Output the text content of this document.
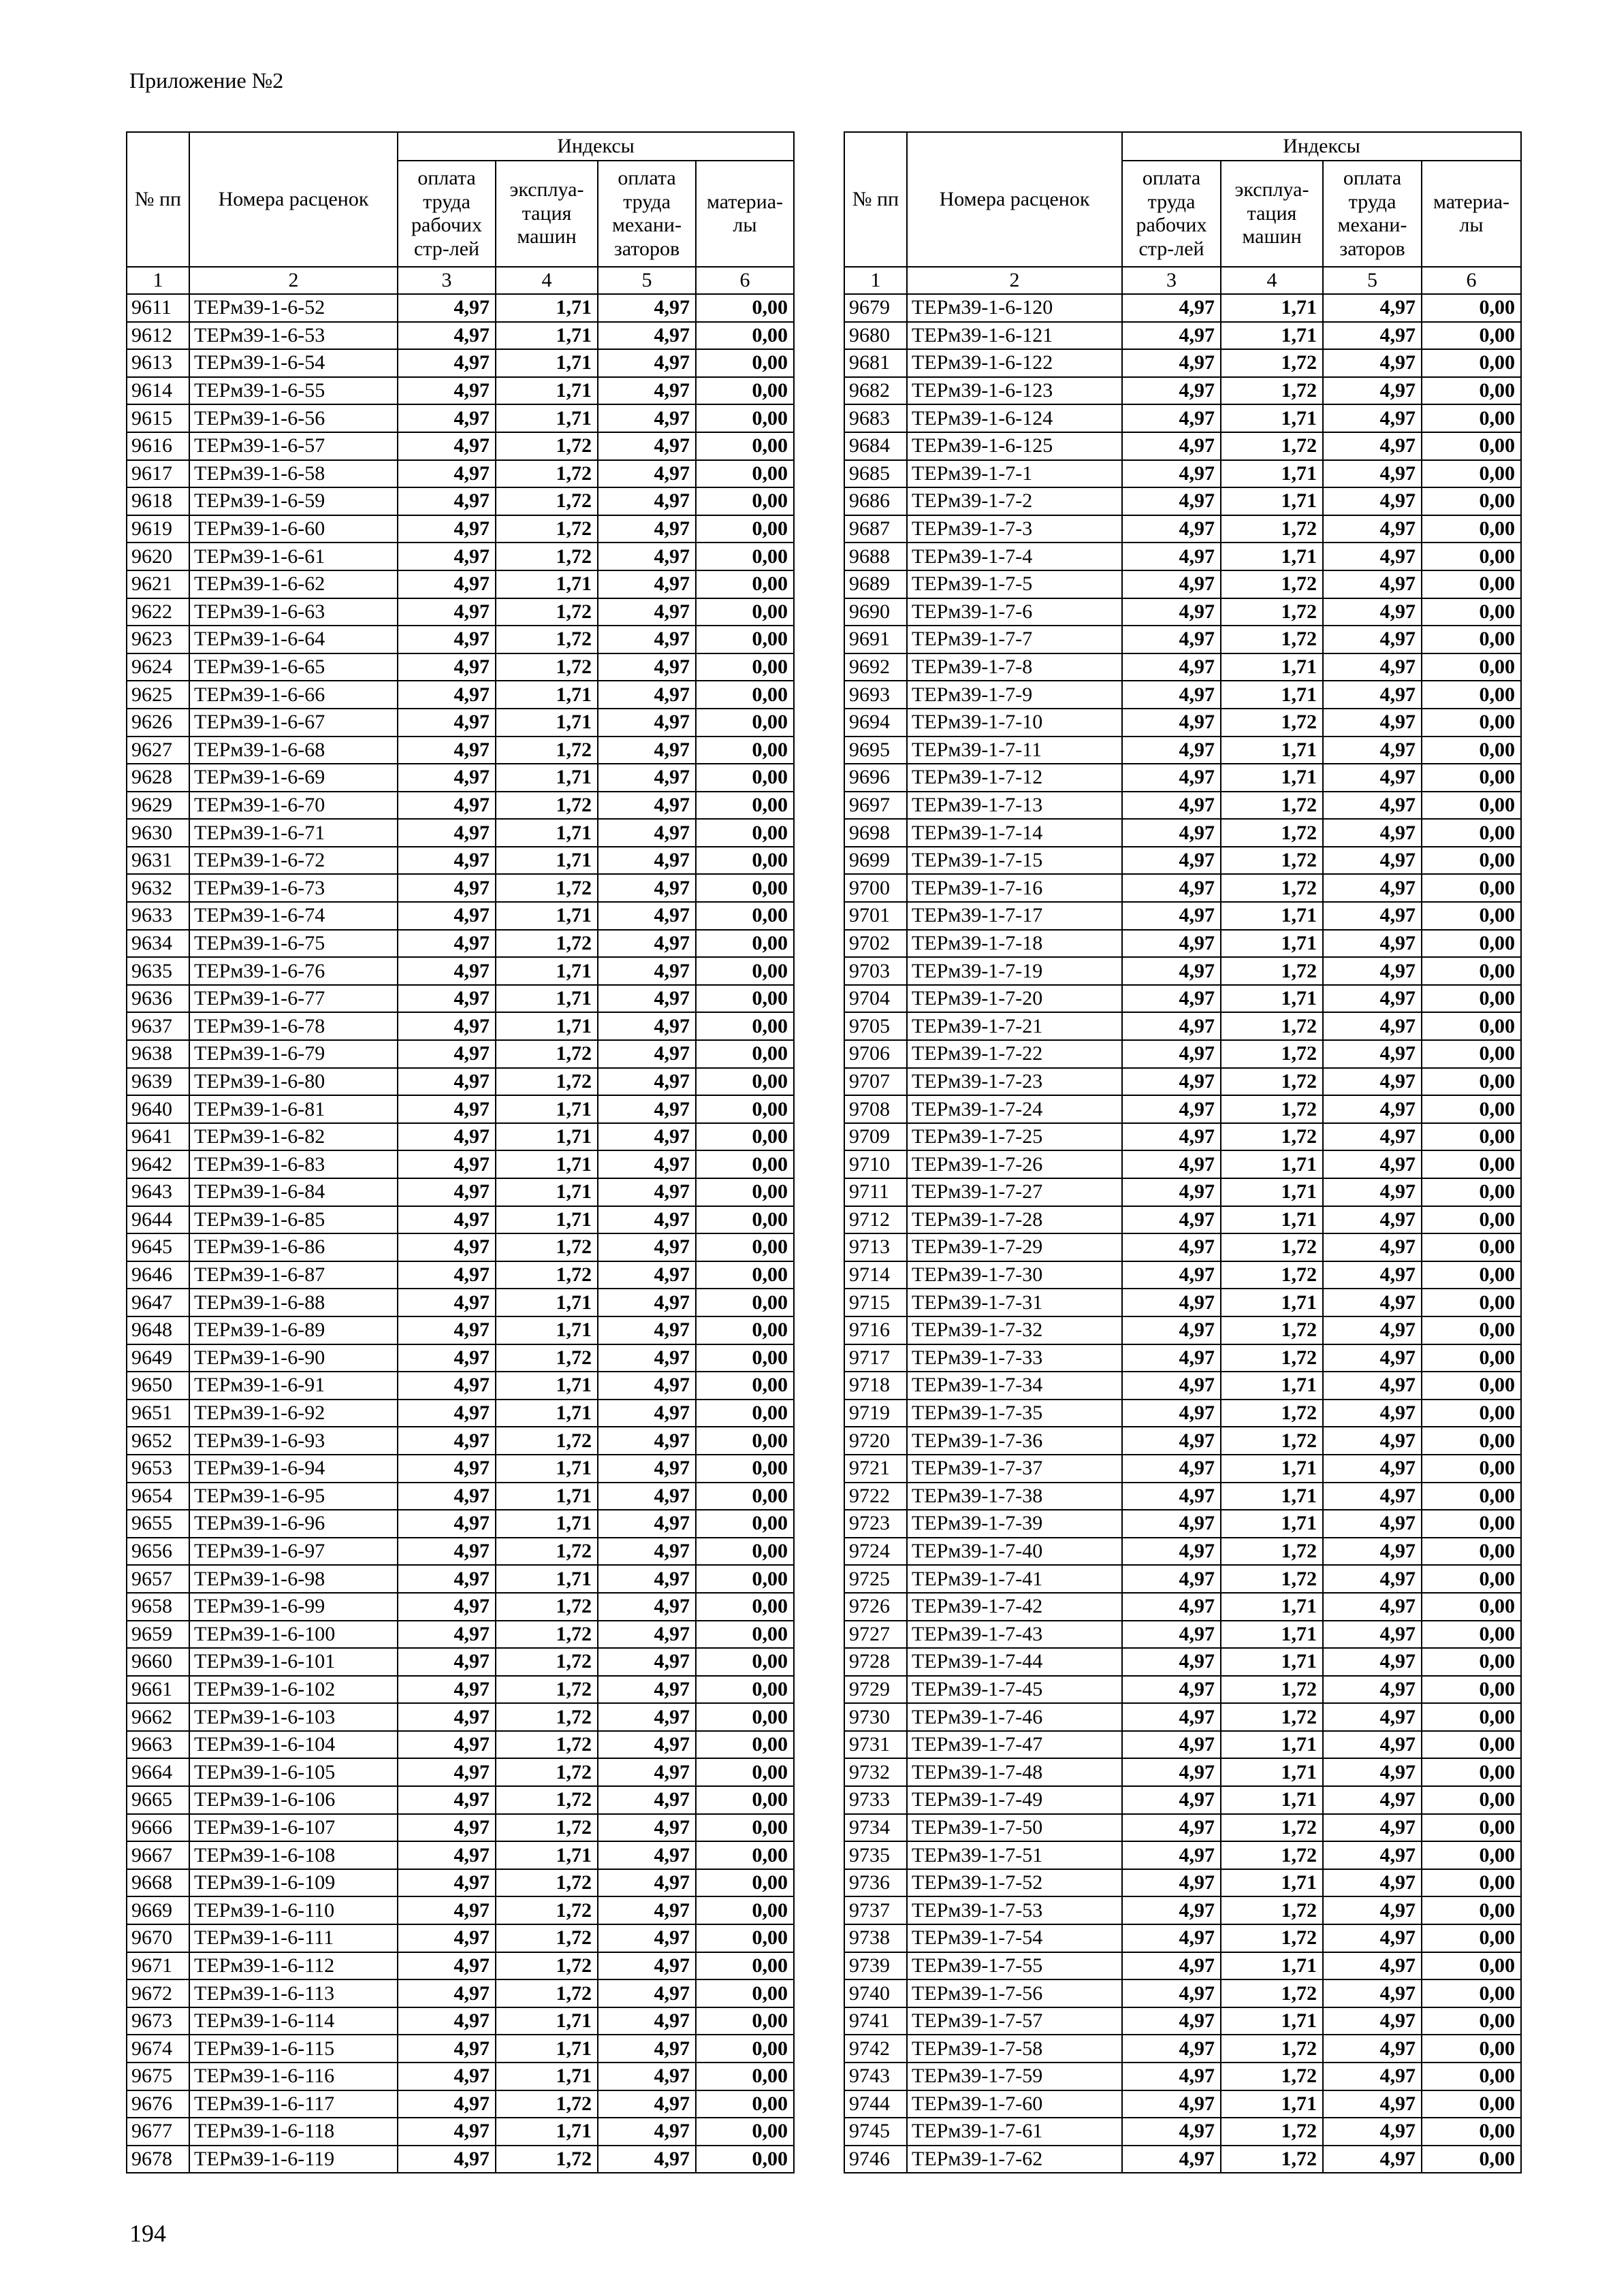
Приложение №2
№ пп	Номера расценок	Индексы			
		оплата труда рабочих стр-лей	эксплуа-тация машин	оплата труда механи-заторов	материа-лы
1	2	3	4	5	6
9611	ТЕРм39-1-6-52	4,97	1,71	4,97	0,00
9612	ТЕРм39-1-6-53	4,97	1,71	4,97	0,00
9613	ТЕРм39-1-6-54	4,97	1,71	4,97	0,00
9614	ТЕРм39-1-6-55	4,97	1,71	4,97	0,00
9615	ТЕРм39-1-6-56	4,97	1,71	4,97	0,00
9616	ТЕРм39-1-6-57	4,97	1,72	4,97	0,00
9617	ТЕРм39-1-6-58	4,97	1,72	4,97	0,00
9618	ТЕРм39-1-6-59	4,97	1,72	4,97	0,00
9619	ТЕРм39-1-6-60	4,97	1,72	4,97	0,00
9620	ТЕРм39-1-6-61	4,97	1,72	4,97	0,00
9621	ТЕРм39-1-6-62	4,97	1,71	4,97	0,00
9622	ТЕРм39-1-6-63	4,97	1,72	4,97	0,00
9623	ТЕРм39-1-6-64	4,97	1,72	4,97	0,00
9624	ТЕРм39-1-6-65	4,97	1,72	4,97	0,00
9625	ТЕРм39-1-6-66	4,97	1,71	4,97	0,00
9626	ТЕРм39-1-6-67	4,97	1,71	4,97	0,00
9627	ТЕРм39-1-6-68	4,97	1,72	4,97	0,00
9628	ТЕРм39-1-6-69	4,97	1,71	4,97	0,00
9629	ТЕРм39-1-6-70	4,97	1,72	4,97	0,00
9630	ТЕРм39-1-6-71	4,97	1,71	4,97	0,00
9631	ТЕРм39-1-6-72	4,97	1,71	4,97	0,00
9632	ТЕРм39-1-6-73	4,97	1,72	4,97	0,00
9633	ТЕРм39-1-6-74	4,97	1,71	4,97	0,00
9634	ТЕРм39-1-6-75	4,97	1,72	4,97	0,00
9635	ТЕРм39-1-6-76	4,97	1,71	4,97	0,00
9636	ТЕРм39-1-6-77	4,97	1,71	4,97	0,00
9637	ТЕРм39-1-6-78	4,97	1,71	4,97	0,00
9638	ТЕРм39-1-6-79	4,97	1,72	4,97	0,00
9639	ТЕРм39-1-6-80	4,97	1,72	4,97	0,00
9640	ТЕРм39-1-6-81	4,97	1,71	4,97	0,00
9641	ТЕРм39-1-6-82	4,97	1,71	4,97	0,00
9642	ТЕРм39-1-6-83	4,97	1,71	4,97	0,00
9643	ТЕРм39-1-6-84	4,97	1,71	4,97	0,00
9644	ТЕРм39-1-6-85	4,97	1,71	4,97	0,00
9645	ТЕРм39-1-6-86	4,97	1,72	4,97	0,00
9646	ТЕРм39-1-6-87	4,97	1,72	4,97	0,00
9647	ТЕРм39-1-6-88	4,97	1,71	4,97	0,00
9648	ТЕРм39-1-6-89	4,97	1,71	4,97	0,00
9649	ТЕРм39-1-6-90	4,97	1,72	4,97	0,00
9650	ТЕРм39-1-6-91	4,97	1,71	4,97	0,00
9651	ТЕРм39-1-6-92	4,97	1,71	4,97	0,00
9652	ТЕРм39-1-6-93	4,97	1,72	4,97	0,00
9653	ТЕРм39-1-6-94	4,97	1,71	4,97	0,00
9654	ТЕРм39-1-6-95	4,97	1,71	4,97	0,00
9655	ТЕРм39-1-6-96	4,97	1,71	4,97	0,00
9656	ТЕРм39-1-6-97	4,97	1,72	4,97	0,00
9657	ТЕРм39-1-6-98	4,97	1,71	4,97	0,00
9658	ТЕРм39-1-6-99	4,97	1,72	4,97	0,00
9659	ТЕРм39-1-6-100	4,97	1,72	4,97	0,00
9660	ТЕРм39-1-6-101	4,97	1,72	4,97	0,00
9661	ТЕРм39-1-6-102	4,97	1,72	4,97	0,00
9662	ТЕРм39-1-6-103	4,97	1,72	4,97	0,00
9663	ТЕРм39-1-6-104	4,97	1,72	4,97	0,00
9664	ТЕРм39-1-6-105	4,97	1,72	4,97	0,00
9665	ТЕРм39-1-6-106	4,97	1,72	4,97	0,00
9666	ТЕРм39-1-6-107	4,97	1,72	4,97	0,00
9667	ТЕРм39-1-6-108	4,97	1,71	4,97	0,00
9668	ТЕРм39-1-6-109	4,97	1,72	4,97	0,00
9669	ТЕРм39-1-6-110	4,97	1,72	4,97	0,00
9670	ТЕРм39-1-6-111	4,97	1,72	4,97	0,00
9671	ТЕРм39-1-6-112	4,97	1,72	4,97	0,00
9672	ТЕРм39-1-6-113	4,97	1,72	4,97	0,00
9673	ТЕРм39-1-6-114	4,97	1,71	4,97	0,00
9674	ТЕРм39-1-6-115	4,97	1,71	4,97	0,00
9675	ТЕРм39-1-6-116	4,97	1,71	4,97	0,00
9676	ТЕРм39-1-6-117	4,97	1,72	4,97	0,00
9677	ТЕРм39-1-6-118	4,97	1,71	4,97	0,00
9678	ТЕРм39-1-6-119	4,97	1,72	4,97	0,00
№ пп	Номера расценок	Индексы			
		оплата труда рабочих стр-лей	эксплуа-тация машин	оплата труда механи-заторов	материа-лы
1	2	3	4	5	6
9679	ТЕРм39-1-6-120	4,97	1,71	4,97	0,00
9680	ТЕРм39-1-6-121	4,97	1,71	4,97	0,00
9681	ТЕРм39-1-6-122	4,97	1,72	4,97	0,00
9682	ТЕРм39-1-6-123	4,97	1,72	4,97	0,00
9683	ТЕРм39-1-6-124	4,97	1,71	4,97	0,00
9684	ТЕРм39-1-6-125	4,97	1,72	4,97	0,00
9685	ТЕРм39-1-7-1	4,97	1,71	4,97	0,00
9686	ТЕРм39-1-7-2	4,97	1,71	4,97	0,00
9687	ТЕРм39-1-7-3	4,97	1,72	4,97	0,00
9688	ТЕРм39-1-7-4	4,97	1,71	4,97	0,00
9689	ТЕРм39-1-7-5	4,97	1,72	4,97	0,00
9690	ТЕРм39-1-7-6	4,97	1,72	4,97	0,00
9691	ТЕРм39-1-7-7	4,97	1,72	4,97	0,00
9692	ТЕРм39-1-7-8	4,97	1,71	4,97	0,00
9693	ТЕРм39-1-7-9	4,97	1,71	4,97	0,00
9694	ТЕРм39-1-7-10	4,97	1,72	4,97	0,00
9695	ТЕРм39-1-7-11	4,97	1,71	4,97	0,00
9696	ТЕРм39-1-7-12	4,97	1,71	4,97	0,00
9697	ТЕРм39-1-7-13	4,97	1,72	4,97	0,00
9698	ТЕРм39-1-7-14	4,97	1,72	4,97	0,00
9699	ТЕРм39-1-7-15	4,97	1,72	4,97	0,00
9700	ТЕРм39-1-7-16	4,97	1,72	4,97	0,00
9701	ТЕРм39-1-7-17	4,97	1,71	4,97	0,00
9702	ТЕРм39-1-7-18	4,97	1,71	4,97	0,00
9703	ТЕРм39-1-7-19	4,97	1,72	4,97	0,00
9704	ТЕРм39-1-7-20	4,97	1,71	4,97	0,00
9705	ТЕРм39-1-7-21	4,97	1,72	4,97	0,00
9706	ТЕРм39-1-7-22	4,97	1,72	4,97	0,00
9707	ТЕРм39-1-7-23	4,97	1,72	4,97	0,00
9708	ТЕРм39-1-7-24	4,97	1,72	4,97	0,00
9709	ТЕРм39-1-7-25	4,97	1,72	4,97	0,00
9710	ТЕРм39-1-7-26	4,97	1,71	4,97	0,00
9711	ТЕРм39-1-7-27	4,97	1,71	4,97	0,00
9712	ТЕРм39-1-7-28	4,97	1,71	4,97	0,00
9713	ТЕРм39-1-7-29	4,97	1,72	4,97	0,00
9714	ТЕРм39-1-7-30	4,97	1,72	4,97	0,00
9715	ТЕРм39-1-7-31	4,97	1,71	4,97	0,00
9716	ТЕРм39-1-7-32	4,97	1,72	4,97	0,00
9717	ТЕРм39-1-7-33	4,97	1,72	4,97	0,00
9718	ТЕРм39-1-7-34	4,97	1,71	4,97	0,00
9719	ТЕРм39-1-7-35	4,97	1,72	4,97	0,00
9720	ТЕРм39-1-7-36	4,97	1,72	4,97	0,00
9721	ТЕРм39-1-7-37	4,97	1,71	4,97	0,00
9722	ТЕРм39-1-7-38	4,97	1,71	4,97	0,00
9723	ТЕРм39-1-7-39	4,97	1,71	4,97	0,00
9724	ТЕРм39-1-7-40	4,97	1,72	4,97	0,00
9725	ТЕРм39-1-7-41	4,97	1,72	4,97	0,00
9726	ТЕРм39-1-7-42	4,97	1,71	4,97	0,00
9727	ТЕРм39-1-7-43	4,97	1,71	4,97	0,00
9728	ТЕРм39-1-7-44	4,97	1,71	4,97	0,00
9729	ТЕРм39-1-7-45	4,97	1,72	4,97	0,00
9730	ТЕРм39-1-7-46	4,97	1,72	4,97	0,00
9731	ТЕРм39-1-7-47	4,97	1,71	4,97	0,00
9732	ТЕРм39-1-7-48	4,97	1,71	4,97	0,00
9733	ТЕРм39-1-7-49	4,97	1,71	4,97	0,00
9734	ТЕРм39-1-7-50	4,97	1,72	4,97	0,00
9735	ТЕРм39-1-7-51	4,97	1,72	4,97	0,00
9736	ТЕРм39-1-7-52	4,97	1,71	4,97	0,00
9737	ТЕРм39-1-7-53	4,97	1,72	4,97	0,00
9738	ТЕРм39-1-7-54	4,97	1,72	4,97	0,00
9739	ТЕРм39-1-7-55	4,97	1,71	4,97	0,00
9740	ТЕРм39-1-7-56	4,97	1,72	4,97	0,00
9741	ТЕРм39-1-7-57	4,97	1,71	4,97	0,00
9742	ТЕРм39-1-7-58	4,97	1,72	4,97	0,00
9743	ТЕРм39-1-7-59	4,97	1,72	4,97	0,00
9744	ТЕРм39-1-7-60	4,97	1,71	4,97	0,00
9745	ТЕРм39-1-7-61	4,97	1,72	4,97	0,00
9746	ТЕРм39-1-7-62	4,97	1,72	4,97	0,00
194
